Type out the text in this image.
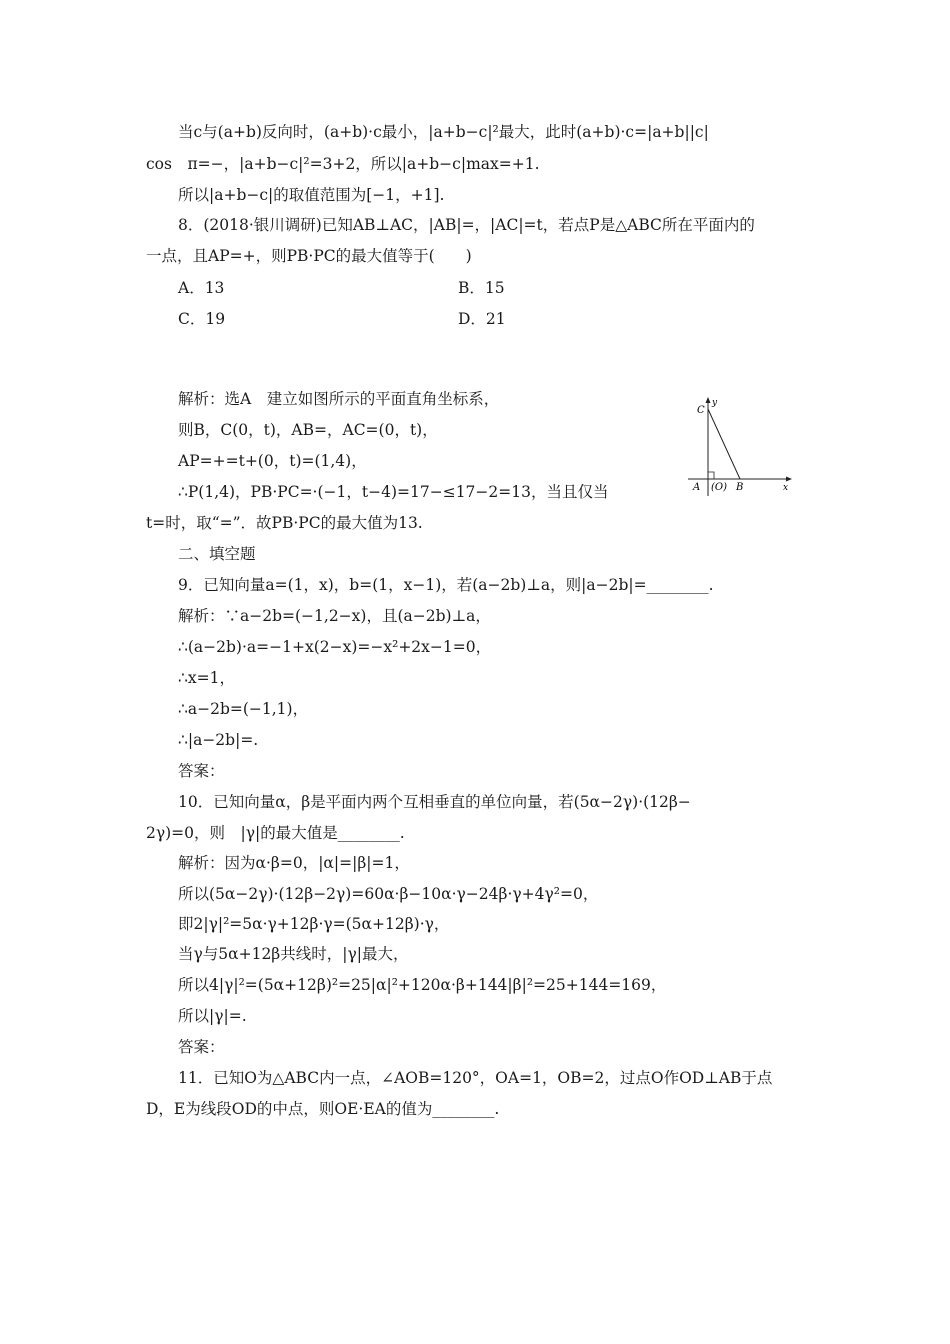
当c与(a+b)反向时，(a+b)·c最小，|a+b−c|²最大，此时(a+b)·c=|a+b||c|
cos　π=−，|a+b−c|²=3+2，所以|a+b−c|max=+1.
所以|a+b−c|的取值范围为[−1，+1].
8．(2018·银川调研)已知AB⊥AC，|AB|=，|AC|=t，若点P是△ABC所在平面内的
一点，且AP=+，则PB·PC的最大值等于(　　)
A．13	B．15
C．19	D．21
解析：选A　建立如图所示的平面直角坐标系，
则B，C(0，t)，AB=，AC=(0，t)，
AP=+=t+(0，t)=(1,4)，
∴P(1,4)，PB·PC=·(−1，t−4)=17−≤17−2=13，当且仅当
t=时，取“=”．故PB·PC的最大值为13.
C
y
A (O) B	x
二、填空题
9．已知向量a=(1，x)，b=(1，x−1)，若(a−2b)⊥a，则|a−2b|=________.
解析：∵a−2b=(−1,2−x)，且(a−2b)⊥a，
∴(a−2b)·a=−1+x(2−x)=−x²+2x−1=0，
∴x=1，
∴a−2b=(−1,1)，
∴|a−2b|=.
答案：
10．已知向量α，β是平面内两个互相垂直的单位向量，若(5α−2γ)·(12β−
2γ)=0，则　|γ|的最大值是________.
解析：因为α·β=0，|α|=|β|=1，
所以(5α−2γ)·(12β−2γ)=60α·β−10α·γ−24β·γ+4γ²=0，
即2|γ|²=5α·γ+12β·γ=(5α+12β)·γ，
当γ与5α+12β共线时，|γ|最大，
所以4|γ|²=(5α+12β)²=25|α|²+120α·β+144|β|²=25+144=169，
所以|γ|=.
答案：
11．已知O为△ABC内一点，∠AOB=120°，OA=1，OB=2，过点O作OD⊥AB于点
D，E为线段OD的中点，则OE·EA的值为________.
